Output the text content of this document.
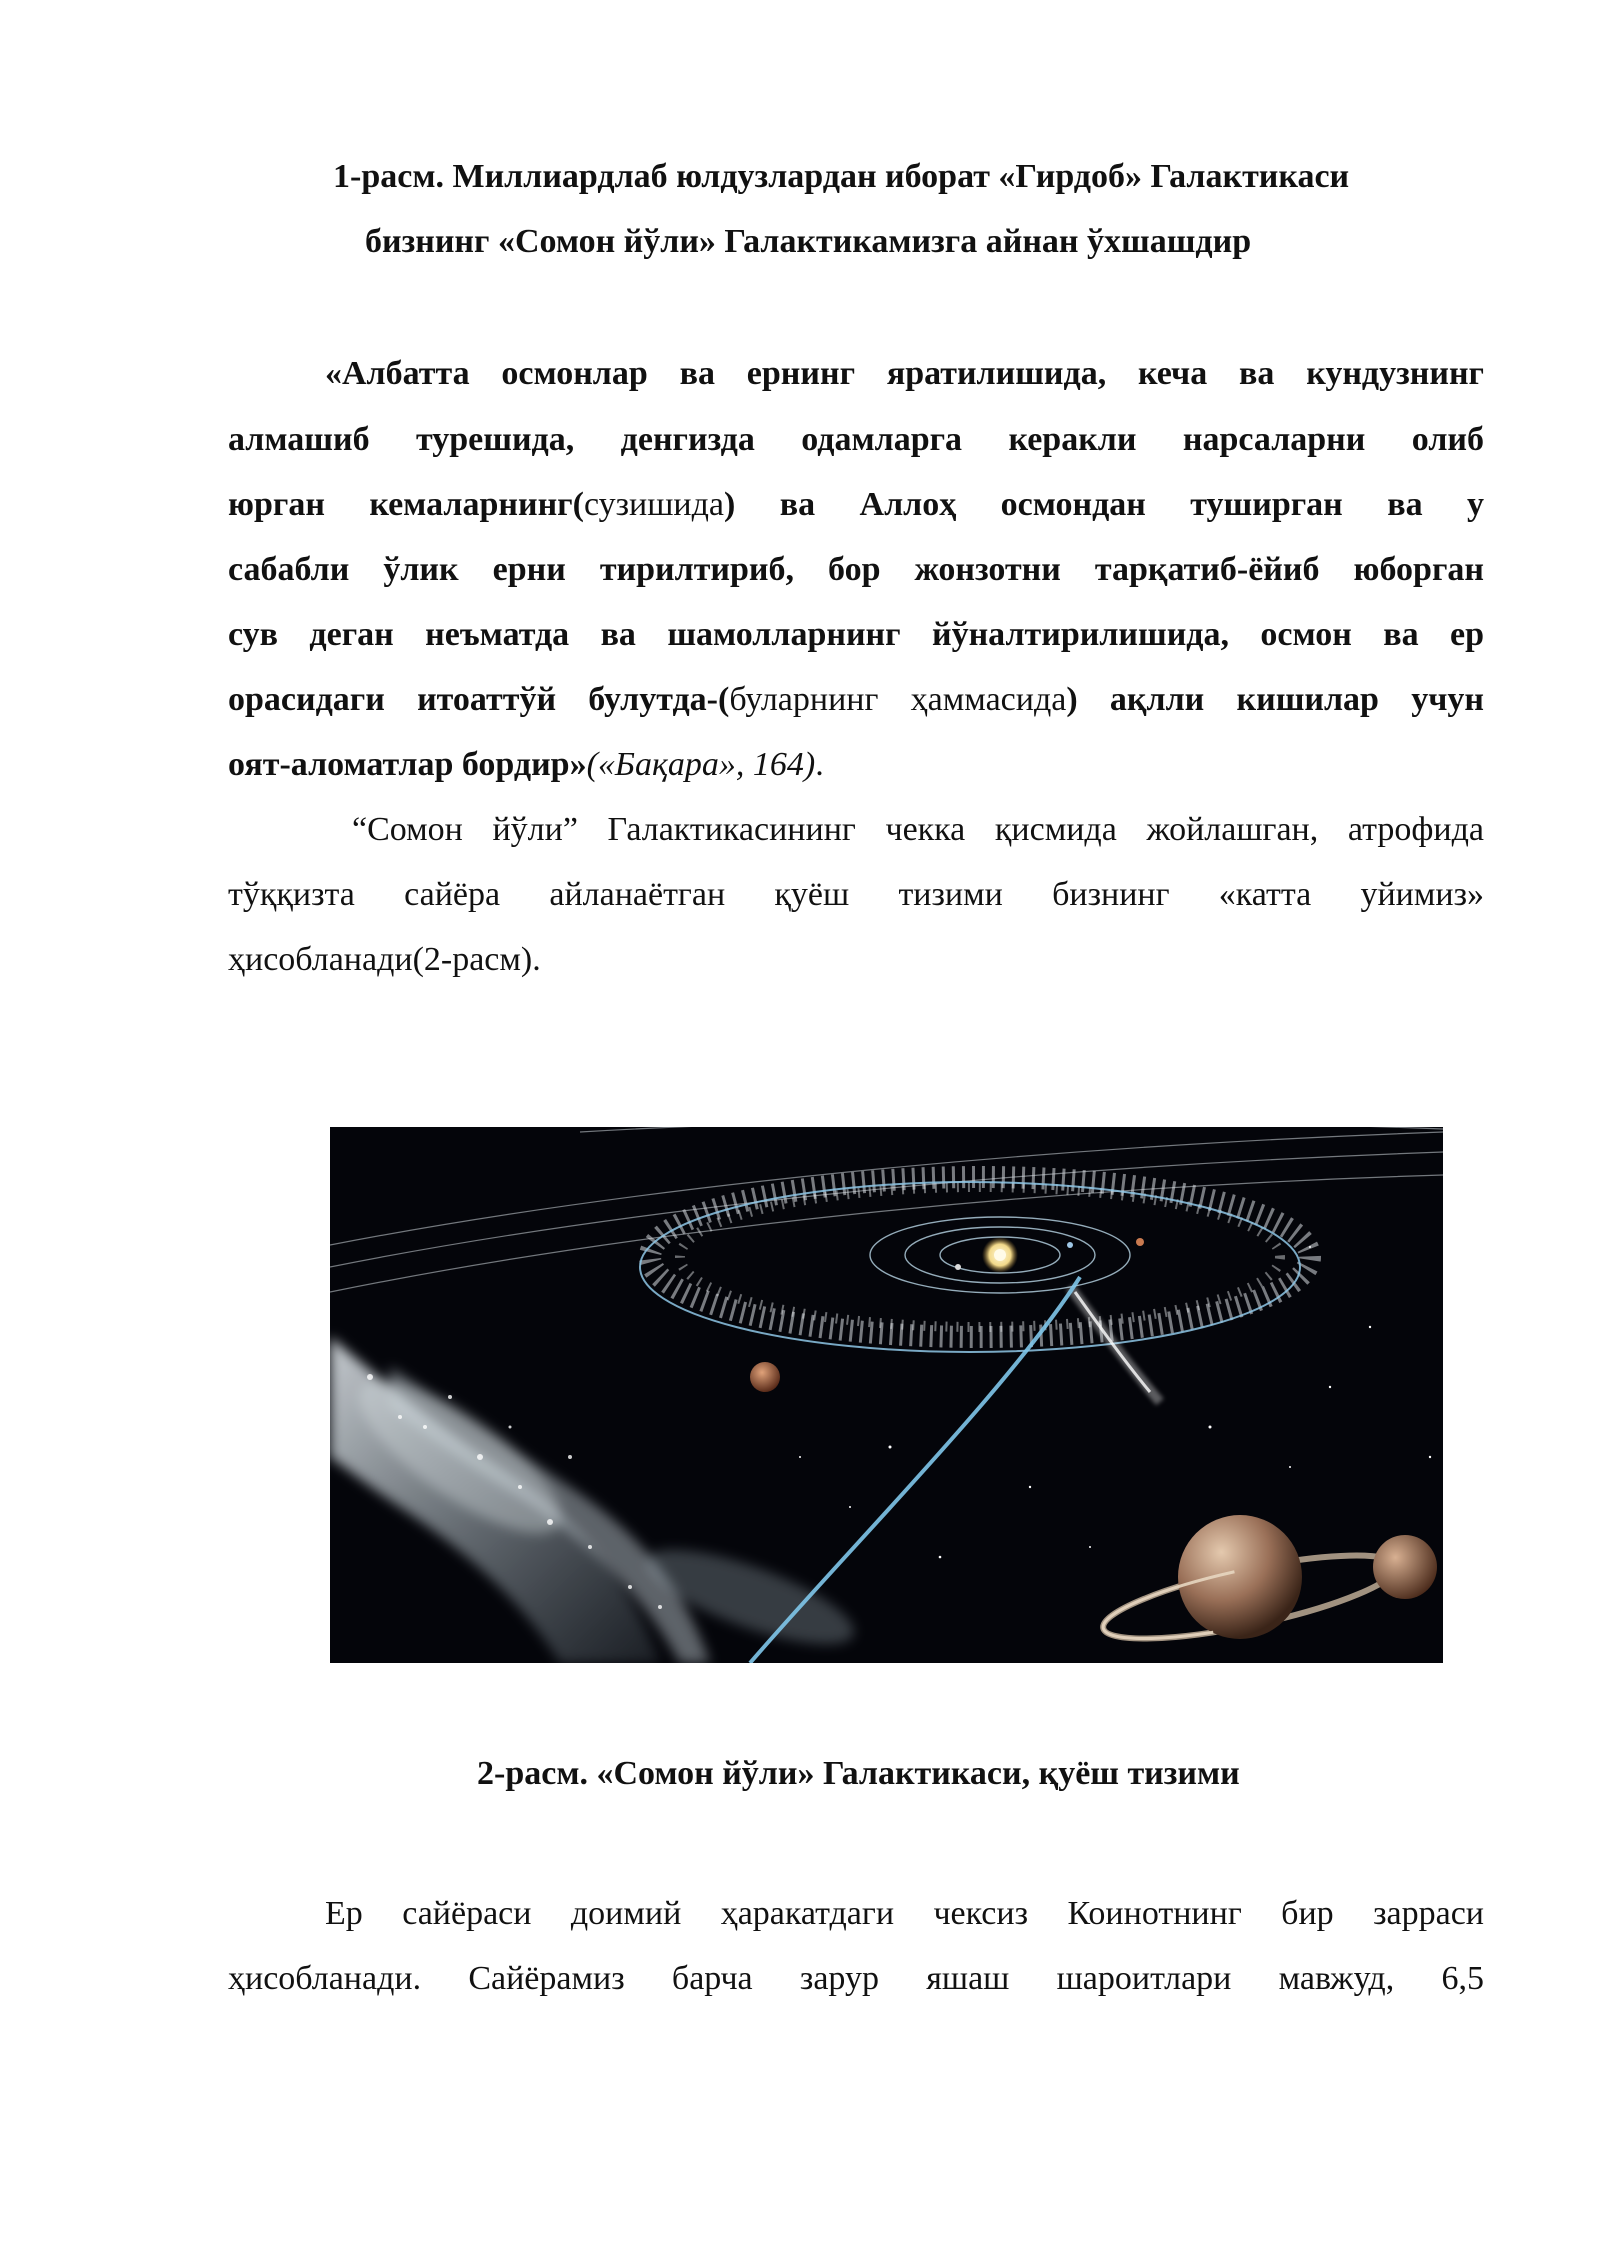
1-расм. Миллиардлаб юлдузлардан иборат «Гирдоб» Галактикаси
бизнинг «Сомон йўли» Галактикамизга айнан ўхшашдир
«Албатта осмонлар ва ернинг яратилишида, кеча ва кундузнинг
алмашиб турешида, денгизда одамларга керакли нарсаларни олиб
юрган кемаларнинг(сузишида) ва Аллоҳ осмондан туширган ва у
сабабли ўлик ерни тирилтириб, бор жонзотни тарқатиб-ёйиб юборган
сув деган неъматда ва шамолларнинг йўналтирилишида, осмон ва ер
орасидаги итоаттўй булутда-(буларнинг ҳаммасида) ақлли кишилар учун
оят-аломатлар бордир»(«Бақара», 164).
“Сомон йўли” Галактикасининг чекка қисмида жойлашган, атрофида
тўққизта сайёра айланаётган қуёш тизими бизнинг «катта уйимиз»
ҳисобланади(2-расм).
2-расм. «Сомон йўли» Галактикаси, қуёш тизими
Ер сайёраси доимий ҳаракатдаги чексиз Коинотнинг бир зарраси
ҳисобланади. Сайёрамиз барча зарур яшаш шароитлари мавжуд, 6,5
